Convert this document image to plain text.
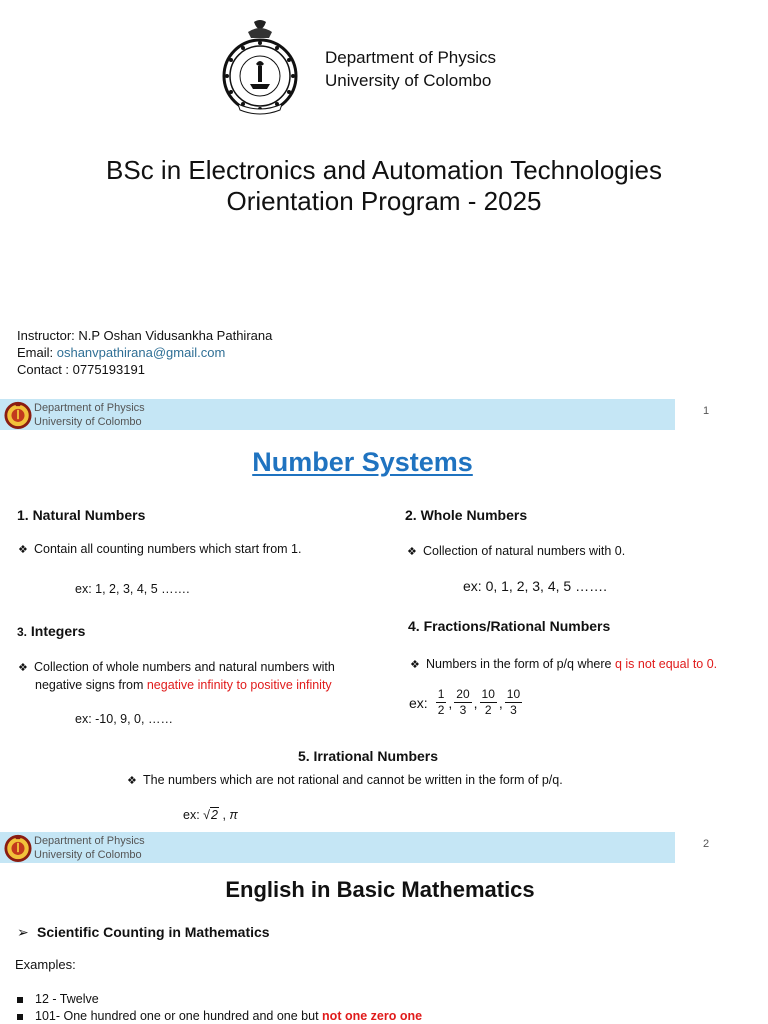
Department of Physics
University of Colombo
BSc in Electronics and Automation Technologies
Orientation Program - 2025
Instructor: N.P Oshan Vidusankha Pathirana
Email: oshanvpathirana@gmail.com
Contact : 0775193191
Department of Physics
University of Colombo
1
Number Systems
1. Natural Numbers
❖ Contain all counting numbers which start from 1.
ex: 1, 2, 3, 4, 5 …….
2. Whole Numbers
❖ Collection of natural numbers with 0.
ex: 0, 1, 2, 3, 4, 5 …….
3. Integers
❖ Collection of whole numbers and natural numbers with
negative signs from negative infinity to positive infinity
ex: -10, 9, 0, ……
4. Fractions/Rational Numbers
❖ Numbers in the form of p/q where q is not equal to 0.
ex: $\frac{1}{2}$ , $\frac{20}{3}$ , $\frac{10}{2}$ , $\frac{10}{3}$
5. Irrational Numbers
❖ The numbers which are not rational and cannot be written in the form of p/q.
ex: √2 , π
Department of Physics
University of Colombo
2
English in Basic Mathematics
➢ Scientific Counting in Mathematics
Examples:
12 - Twelve
101- One hundred one or one hundred and one but not one zero one
